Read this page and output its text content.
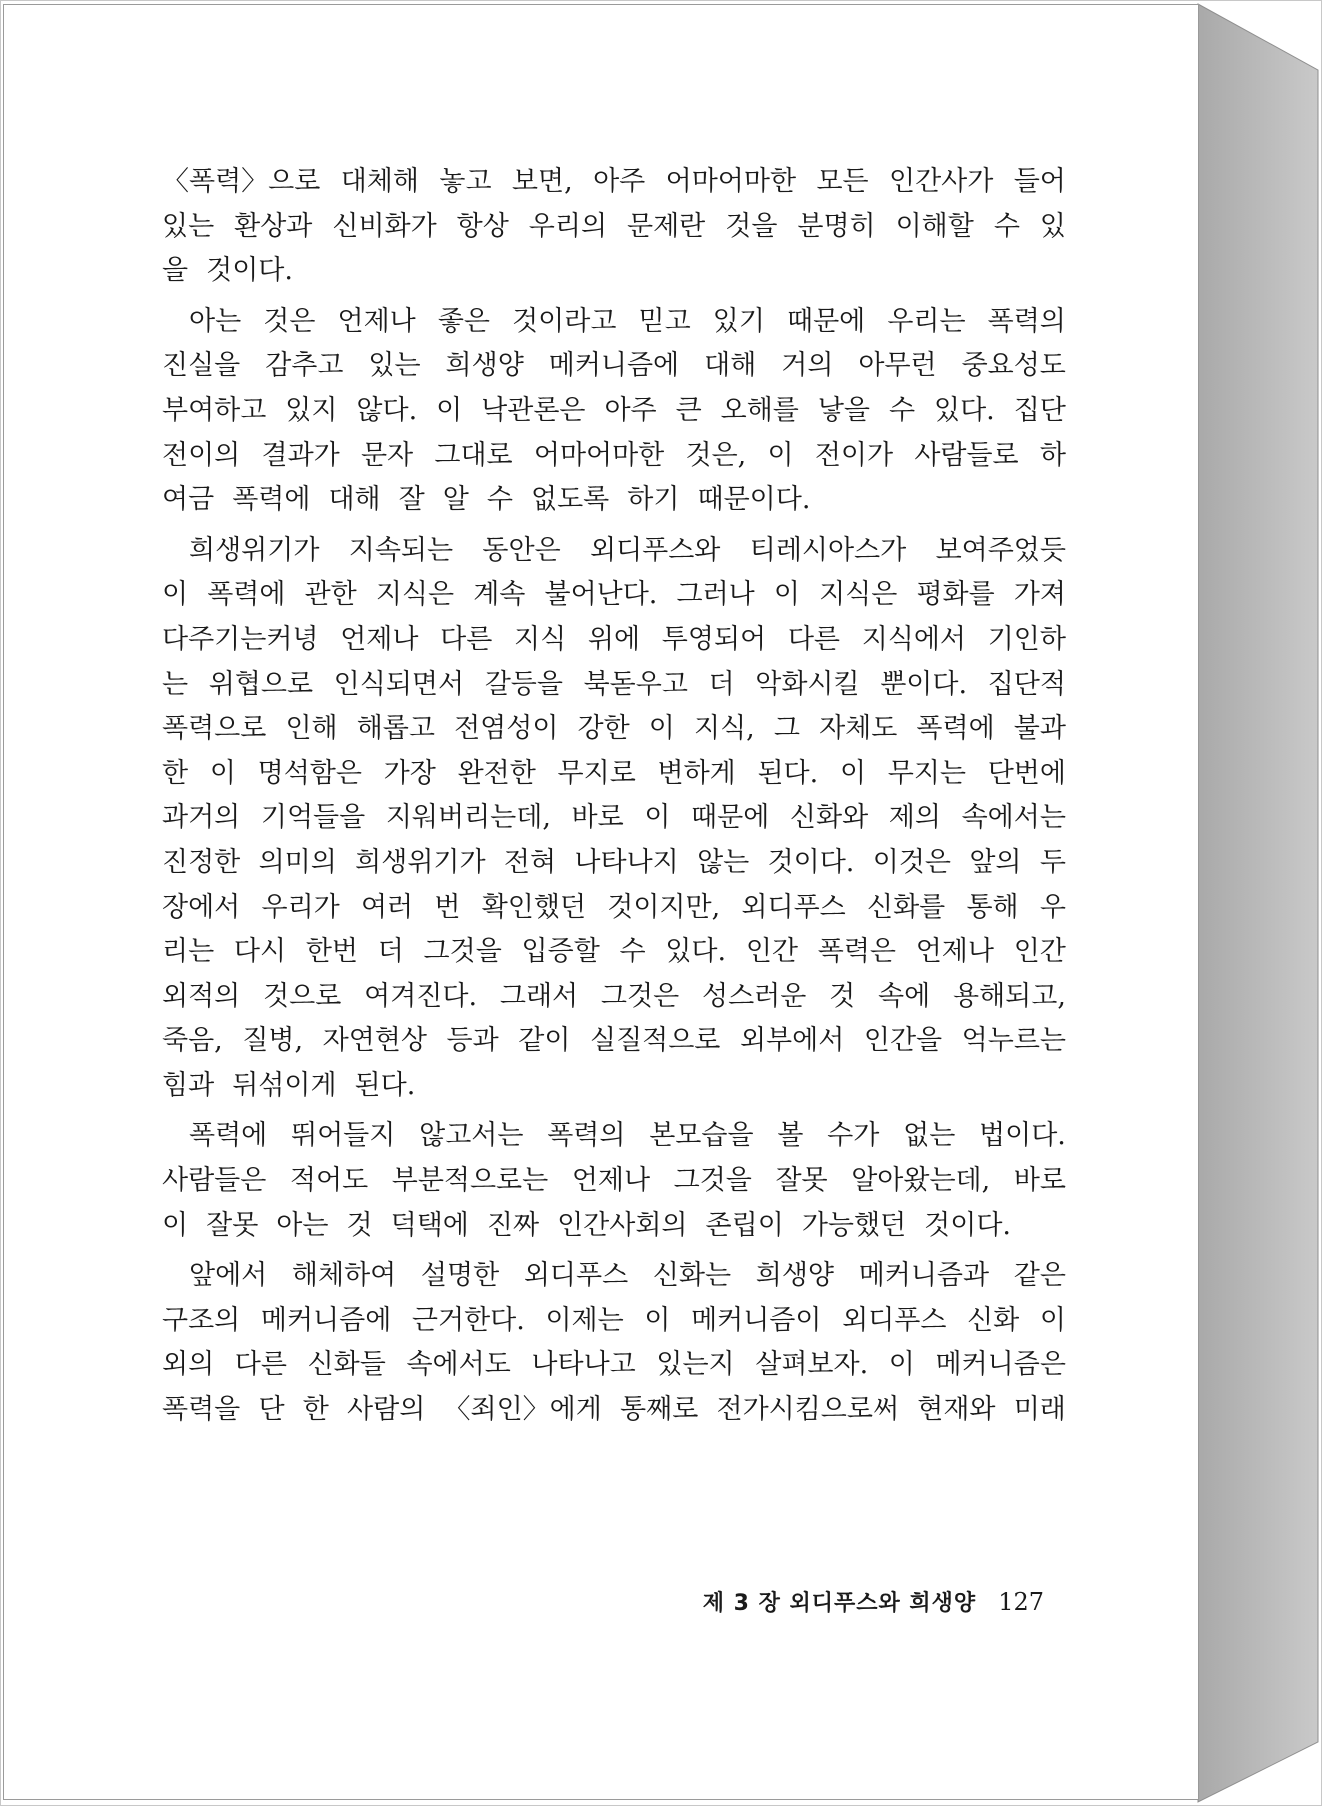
〈폭력〉으로 대체해 놓고 보면, 아주 어마어마한 모든 인간사가 들어
있는 환상과 신비화가 항상 우리의 문제란 것을 분명히 이해할 수 있
을 것이다.
아는 것은 언제나 좋은 것이라고 믿고 있기 때문에 우리는 폭력의
진실을 감추고 있는 희생양 메커니즘에 대해 거의 아무런 중요성도
부여하고 있지 않다. 이 낙관론은 아주 큰 오해를 낳을 수 있다. 집단
전이의 결과가 문자 그대로 어마어마한 것은, 이 전이가 사람들로 하
여금 폭력에 대해 잘 알 수 없도록 하기 때문이다.
희생위기가 지속되는 동안은 외디푸스와 티레시아스가 보여주었듯
이 폭력에 관한 지식은 계속 불어난다. 그러나 이 지식은 평화를 가져
다주기는커녕 언제나 다른 지식 위에 투영되어 다른 지식에서 기인하
는 위협으로 인식되면서 갈등을 북돋우고 더 악화시킬 뿐이다. 집단적
폭력으로 인해 해롭고 전염성이 강한 이 지식, 그 자체도 폭력에 불과
한 이 명석함은 가장 완전한 무지로 변하게 된다. 이 무지는 단번에
과거의 기억들을 지워버리는데, 바로 이 때문에 신화와 제의 속에서는
진정한 의미의 희생위기가 전혀 나타나지 않는 것이다. 이것은 앞의 두
장에서 우리가 여러 번 확인했던 것이지만, 외디푸스 신화를 통해 우
리는 다시 한번 더 그것을 입증할 수 있다. 인간 폭력은 언제나 인간
외적의 것으로 여겨진다. 그래서 그것은 성스러운 것 속에 용해되고,
죽음, 질병, 자연현상 등과 같이 실질적으로 외부에서 인간을 억누르는
힘과 뒤섞이게 된다.
폭력에 뛰어들지 않고서는 폭력의 본모습을 볼 수가 없는 법이다.
사람들은 적어도 부분적으로는 언제나 그것을 잘못 알아왔는데, 바로
이 잘못 아는 것 덕택에 진짜 인간사회의 존립이 가능했던 것이다.
앞에서 해체하여 설명한 외디푸스 신화는 희생양 메커니즘과 같은
구조의 메커니즘에 근거한다. 이제는 이 메커니즘이 외디푸스 신화 이
외의 다른 신화들 속에서도 나타나고 있는지 살펴보자. 이 메커니즘은
폭력을 단 한 사람의 〈죄인〉에게 통째로 전가시킴으로써 현재와 미래
제 3 장 외디푸스와 희생양 127
